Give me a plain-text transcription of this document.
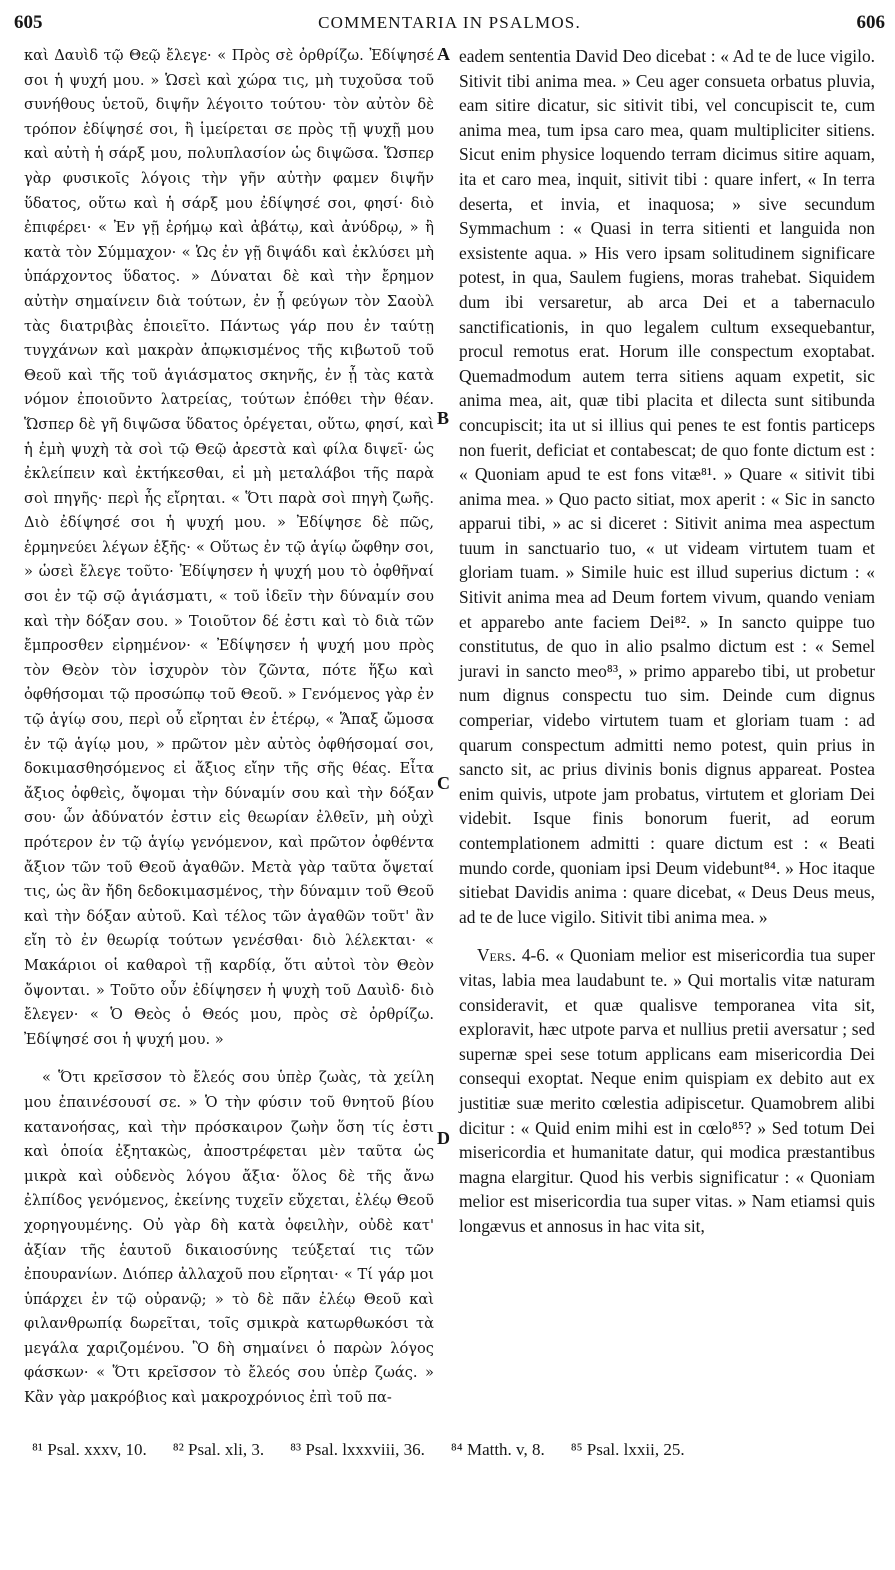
605	COMMENTARIA IN PSALMOS.	606

καὶ Δαυὶδ τῷ Θεῷ ἔλεγε· « Πρὸς σὲ ὀρθρίζω. Ἐδίψησέ σοι ἡ ψυχή μου. » Ὡσεὶ καὶ χώρα τις, μὴ τυχοῦσα τοῦ συνήθους ὑετοῦ, διψῆν λέγοιτο τούτου· τὸν αὐτὸν δὲ τρόπον ἐδίψησέ σοι, ἢ ἱμείρεται σε πρὸς τῇ ψυχῇ μου καὶ αὐτὴ ἡ σάρξ μου, πολυπλασίον ὡς διψῶσα. Ὥσπερ γὰρ φυσικοῖς λόγοις τὴν γῆν αὐτὴν φαμεν διψῆν ὕδατος, οὕτω καὶ ἡ σάρξ μου ἐδίψησέ σοι, φησί· διὸ ἐπιφέρει· « Ἐν γῇ ἐρήμῳ καὶ ἀβάτῳ, καὶ ἀνύδρῳ, » ἢ κατὰ τὸν Σύμμαχον· « Ὡς ἐν γῇ διψάδι καὶ ἐκλύσει μὴ ὑπάρχοντος ὕδατος. » Δύναται δὲ καὶ τὴν ἔρημον αὐτὴν σημαίνειν διὰ τούτων, ἐν ᾗ φεύγων τὸν Σαοὺλ τὰς διατριβὰς ἐποιεῖτο. Πάντως γάρ που ἐν ταύτῃ τυγχάνων καὶ μακρὰν ἀπῳκισμένος τῆς κιβωτοῦ τοῦ Θεοῦ καὶ τῆς τοῦ ἁγιάσματος σκηνῆς, ἐν ᾗ τὰς κατὰ νόμον ἐποιοῦντο λατρείας, τούτων ἐπόθει τὴν θέαν. Ὥσπερ δὲ γῆ διψῶσα ὕδατος ὀρέγεται, οὕτω, φησί, καὶ ἡ ἐμὴ ψυχὴ τὰ σοὶ τῷ Θεῷ ἀρεστὰ καὶ φίλα διψεῖ· ὡς ἐκλείπειν καὶ ἐκτήκεσθαι, εἰ μὴ μεταλάβοι τῆς παρὰ σοὶ πηγῆς· περὶ ἧς εἴρηται. « Ὅτι παρὰ σοὶ πηγὴ ζωῆς. Διὸ ἐδίψησέ σοι ἡ ψυχή μου. » Ἐδίψησε δὲ πῶς, ἑρμηνεύει λέγων ἑξῆς· « Οὕτως ἐν τῷ ἁγίῳ ὤφθην σοι, » ὡσεὶ ἔλεγε τοῦτο· Ἐδίψησεν ἡ ψυχή μου τὸ ὀφθῆναί σοι ἐν τῷ σῷ ἁγιάσματι, « τοῦ ἰδεῖν τὴν δύναμίν σου καὶ τὴν δόξαν σου. » Τοιοῦτον δέ ἐστι καὶ τὸ διὰ τῶν ἔμπροσθεν εἰρημένον· « Ἐδίψησεν ἡ ψυχή μου πρὸς τὸν Θεὸν τὸν ἰσχυρὸν τὸν ζῶντα, πότε ἥξω καὶ ὀφθήσομαι τῷ προσώπῳ τοῦ Θεοῦ. » Γενόμενος γὰρ ἐν τῷ ἁγίῳ σου, περὶ οὗ εἴρηται ἐν ἑτέρῳ, « Ἅπαξ ὤμοσα ἐν τῷ ἁγίῳ μου, » πρῶτον μὲν αὐτὸς ὀφθήσομαί σοι, δοκιμασθησόμενος εἰ ἄξιος εἴην τῆς σῆς θέας. Εἶτα ἄξιος ὀφθεὶς, ὄψομαι τὴν δύναμίν σου καὶ τὴν δόξαν σου· ὧν ἀδύνατόν ἐστιν εἰς θεωρίαν ἐλθεῖν, μὴ οὐχὶ πρότερον ἐν τῷ ἁγίῳ γενόμενον, καὶ πρῶτον ὀφθέντα ἄξιον τῶν τοῦ Θεοῦ ἀγαθῶν. Μετὰ γὰρ ταῦτα ὄψεταί τις, ὡς ἂν ἤδη δεδοκιμασμένος, τὴν δύναμιν τοῦ Θεοῦ καὶ τὴν δόξαν αὐτοῦ. Καὶ τέλος τῶν ἀγαθῶν τοῦτ' ἂν εἴη τὸ ἐν θεωρίᾳ τούτων γενέσθαι· διὸ λέλεκται· « Μακάριοι οἱ καθαροὶ τῇ καρδίᾳ, ὅτι αὐτοὶ τὸν Θεὸν ὄψονται. » Τοῦτο οὖν ἐδίψησεν ἡ ψυχὴ τοῦ Δαυὶδ· διὸ ἔλεγεν· « Ὁ Θεὸς ὁ Θεός μου, πρὸς σὲ ὀρθρίζω. Ἐδίψησέ σοι ἡ ψυχή μου. »

« Ὅτι κρεῖσσον τὸ ἔλεός σου ὑπὲρ ζωὰς, τὰ χείλη μου ἐπαινέσουσί σε. » Ὁ τὴν φύσιν τοῦ θνητοῦ βίου κατανοήσας, καὶ τὴν πρόσκαιρον ζωὴν ὅση τίς ἐστι καὶ ὁποία ἐξητακὼς, ἀποστρέφεται μὲν ταῦτα ὡς μικρὰ καὶ οὐδενὸς λόγου ἄξια· ὅλος δὲ τῆς ἄνω ἐλπίδος γενόμενος, ἐκείνης τυχεῖν εὔχεται, ἐλέῳ Θεοῦ χορηγουμένης. Οὐ γὰρ δὴ κατὰ ὀφειλὴν, οὐδὲ κατ' ἀξίαν τῆς ἑαυτοῦ δικαιοσύνης τεύξεταί τις τῶν ἐπουρανίων. Διόπερ ἀλλαχοῦ που εἴρηται· « Τί γάρ μοι ὑπάρχει ἐν τῷ οὐρανῷ; » τὸ δὲ πᾶν ἐλέῳ Θεοῦ καὶ φιλανθρωπίᾳ δωρεῖται, τοῖς σμικρὰ κατωρθωκόσι τὰ μεγάλα χαριζομένου. Ὃ δὴ σημαίνει ὁ παρὼν λόγος φάσκων· « Ὅτι κρεῖσσον τὸ ἔλεός σου ὑπὲρ ζωάς. » Κἂν γὰρ μακρόβιος καὶ μακροχρόνιος ἐπὶ τοῦ πα-

A
B
C
D

eadem sententia David Deo dicebat : « Ad te de luce vigilo. Sitivit tibi anima mea. » Ceu ager consueta orbatus pluvia, eam sitire dicatur, sic sitivit tibi, vel concupiscit te, cum anima mea, tum ipsa caro mea, quam multipliciter sitiens. Sicut enim physice loquendo terram dicimus sitire aquam, ita et caro mea, inquit, sitivit tibi : quare infert, « In terra deserta, et invia, et inaquosa; » sive secundum Symmachum : « Quasi in terra sitienti et languida non exsistente aqua. » His vero ipsam solitudinem significare potest, in qua, Saulem fugiens, moras trahebat. Siquidem dum ibi versaretur, ab arca Dei et a tabernaculo sanctificationis, in quo legalem cultum exsequebantur, procul remotus erat. Horum ille conspectum exoptabat. Quemadmodum autem terra sitiens aquam expetit, sic anima mea, ait, quæ tibi placita et dilecta sunt sitibunda concupiscit; ita ut si illius qui penes te est fontis particeps non fuerit, deficiat et contabescat; de quo fonte dictum est : « Quoniam apud te est fons vitæ⁸¹. » Quare « sitivit tibi anima mea. » Quo pacto sitiat, mox aperit : « Sic in sancto apparui tibi, » ac si diceret : Sitivit anima mea aspectum tuum in sanctuario tuo, « ut videam virtutem tuam et gloriam tuam. » Simile huic est illud superius dictum : « Sitivit anima mea ad Deum fortem vivum, quando veniam et apparebo ante faciem Dei⁸². » In sancto quippe tuo constitutus, de quo in alio psalmo dictum est : « Semel juravi in sancto meo⁸³, » primo apparebo tibi, ut probetur num dignus conspectu tuo sim. Deinde cum dignus comperiar, videbo virtutem tuam et gloriam tuam : ad quarum conspectum admitti nemo potest, quin prius in sancto sit, ac prius divinis bonis dignus appareat. Postea enim quivis, utpote jam probatus, virtutem et gloriam Dei videbit. Isque finis bonorum fuerit, ad eorum contemplationem admitti : quare dictum est : « Beati mundo corde, quoniam ipsi Deum videbunt⁸⁴. » Hoc itaque sitiebat Davidis anima : quare dicebat, « Deus Deus meus, ad te de luce vigilo. Sitivit tibi anima mea. »

Vers. 4-6. « Quoniam melior est misericordia tua super vitas, labia mea laudabunt te. » Qui mortalis vitæ naturam consideravit, et quæ qualisve temporanea vita sit, exploravit, hæc utpote parva et nullius pretii aversatur ; sed supernæ spei sese totum applicans eam misericordia Dei consequi exoptat. Neque enim quispiam ex debito aut ex justitiæ suæ merito cœlestia adipiscetur. Quamobrem alibi dicitur : « Quid enim mihi est in cœlo⁸⁵? » Sed totum Dei misericordia et humanitate datur, qui modica præstantibus magna elargitur. Quod his verbis significatur : « Quoniam melior est misericordia tua super vitas. » Nam etiamsi quis longævus et annosus in hac vita sit,

⁸¹ Psal. xxxv, 10. ⁸² Psal. xli, 3. ⁸³ Psal. lxxxviii, 36. ⁸⁴ Matth. v, 8. ⁸⁵ Psal. lxxii, 25.
